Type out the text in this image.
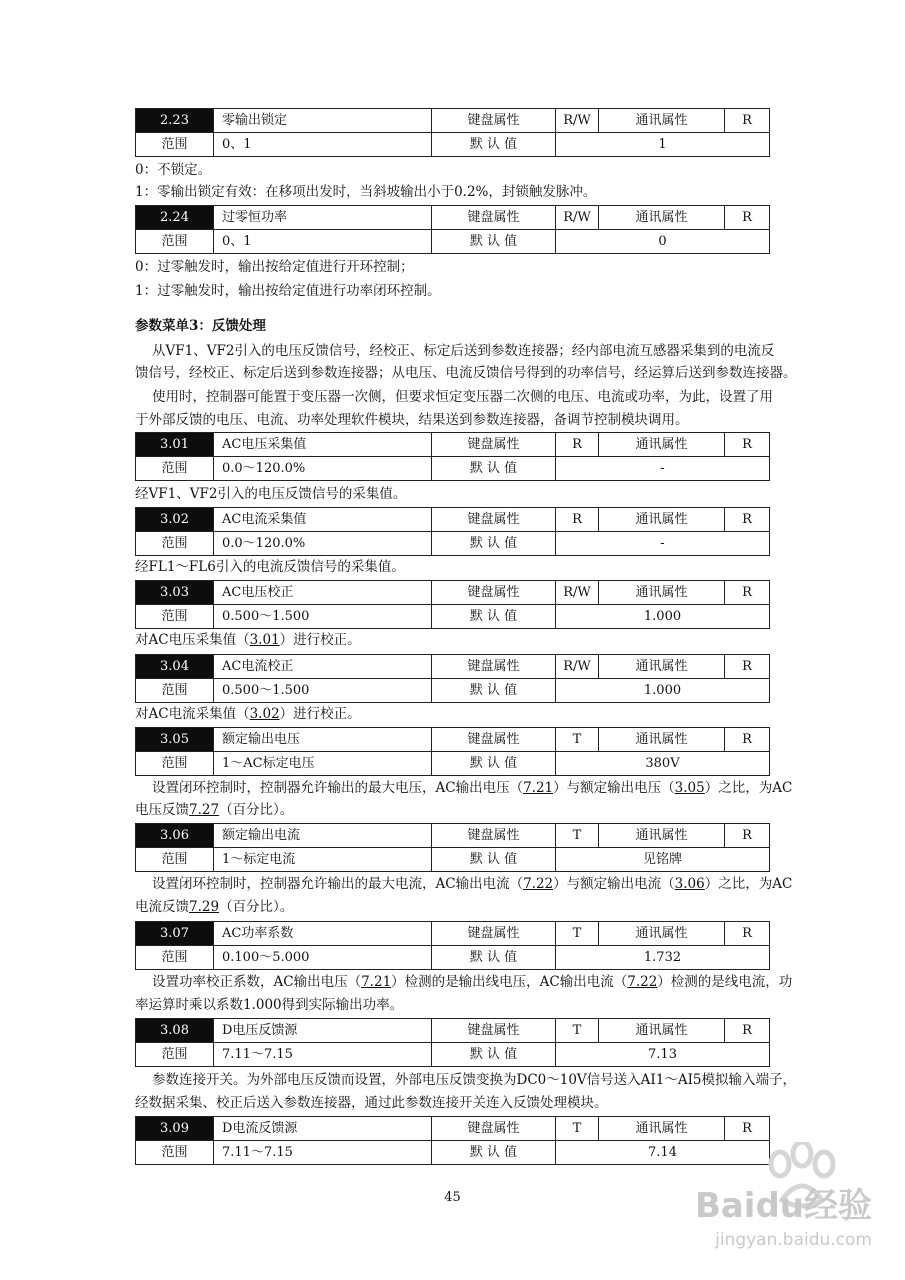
2.23	零输出锁定	键盘属性	R/W	通讯属性	R
范围	0、1	默 认 值	1		
0：不锁定。
1：零输出锁定有效：在移项出发时，当斜坡输出小于0.2%，封锁触发脉冲。
2.24	过零恒功率	键盘属性	R/W	通讯属性	R
范围	0、1	默 认 值	0		
0：过零触发时，输出按给定值进行开环控制；
1：过零触发时，输出按给定值进行功率闭环控制。
参数菜单3：反馈处理
从VF1、VF2引入的电压反馈信号，经校正、标定后送到参数连接器；经内部电流互感器采集到的电流反
馈信号，经校正、标定后送到参数连接器；从电压、电流反馈信号得到的功率信号，经运算后送到参数连接器。
使用时，控制器可能置于变压器一次侧，但要求恒定变压器二次侧的电压、电流或功率，为此，设置了用
于外部反馈的电压、电流、功率处理软件模块，结果送到参数连接器，备调节控制模块调用。
3.01	AC电压采集值	键盘属性	R	通讯属性	R
范围	0.0～120.0%	默 认 值	-		
经VF1、VF2引入的电压反馈信号的采集值。
3.02	AC电流采集值	键盘属性	R	通讯属性	R
范围	0.0～120.0%	默 认 值	-		
经FL1～FL6引入的电流反馈信号的采集值。
3.03	AC电压校正	键盘属性	R/W	通讯属性	R
范围	0.500～1.500	默 认 值	1.000		
对AC电压采集值（3.01）进行校正。
3.04	AC电流校正	键盘属性	R/W	通讯属性	R
范围	0.500～1.500	默 认 值	1.000		
对AC电流采集值（3.02）进行校正。
3.05	额定输出电压	键盘属性	T	通讯属性	R
范围	1～AC标定电压	默 认 值	380V		
设置闭环控制时，控制器允许输出的最大电压，AC输出电压（7.21）与额定输出电压（3.05）之比，为AC
电压反馈7.27（百分比）。
3.06	额定输出电流	键盘属性	T	通讯属性	R
范围	1～标定电流	默 认 值	见铭牌		
设置闭环控制时，控制器允许输出的最大电流，AC输出电流（7.22）与额定输出电流（3.06）之比，为AC
电流反馈7.29（百分比）。
3.07	AC功率系数	键盘属性	T	通讯属性	R
范围	0.100～5.000	默 认 值	1.732		
设置功率校正系数，AC输出电压（7.21）检测的是输出线电压，AC输出电流（7.22）检测的是线电流，功
率运算时乘以系数1.000得到实际输出功率。
3.08	D电压反馈源	键盘属性	T	通讯属性	R
范围	7.11～7.15	默 认 值	7.13		
参数连接开关。为外部电压反馈而设置，外部电压反馈变换为DC0～10V信号送入AI1～AI5模拟输入端子，
经数据采集、校正后送入参数连接器，通过此参数连接开关连入反馈处理模块。
3.09	D电流反馈源	键盘属性	T	通讯属性	R
范围	7.11～7.15	默 认 值	7.14		
45	Baidu经验
jingyan.baidu.com
